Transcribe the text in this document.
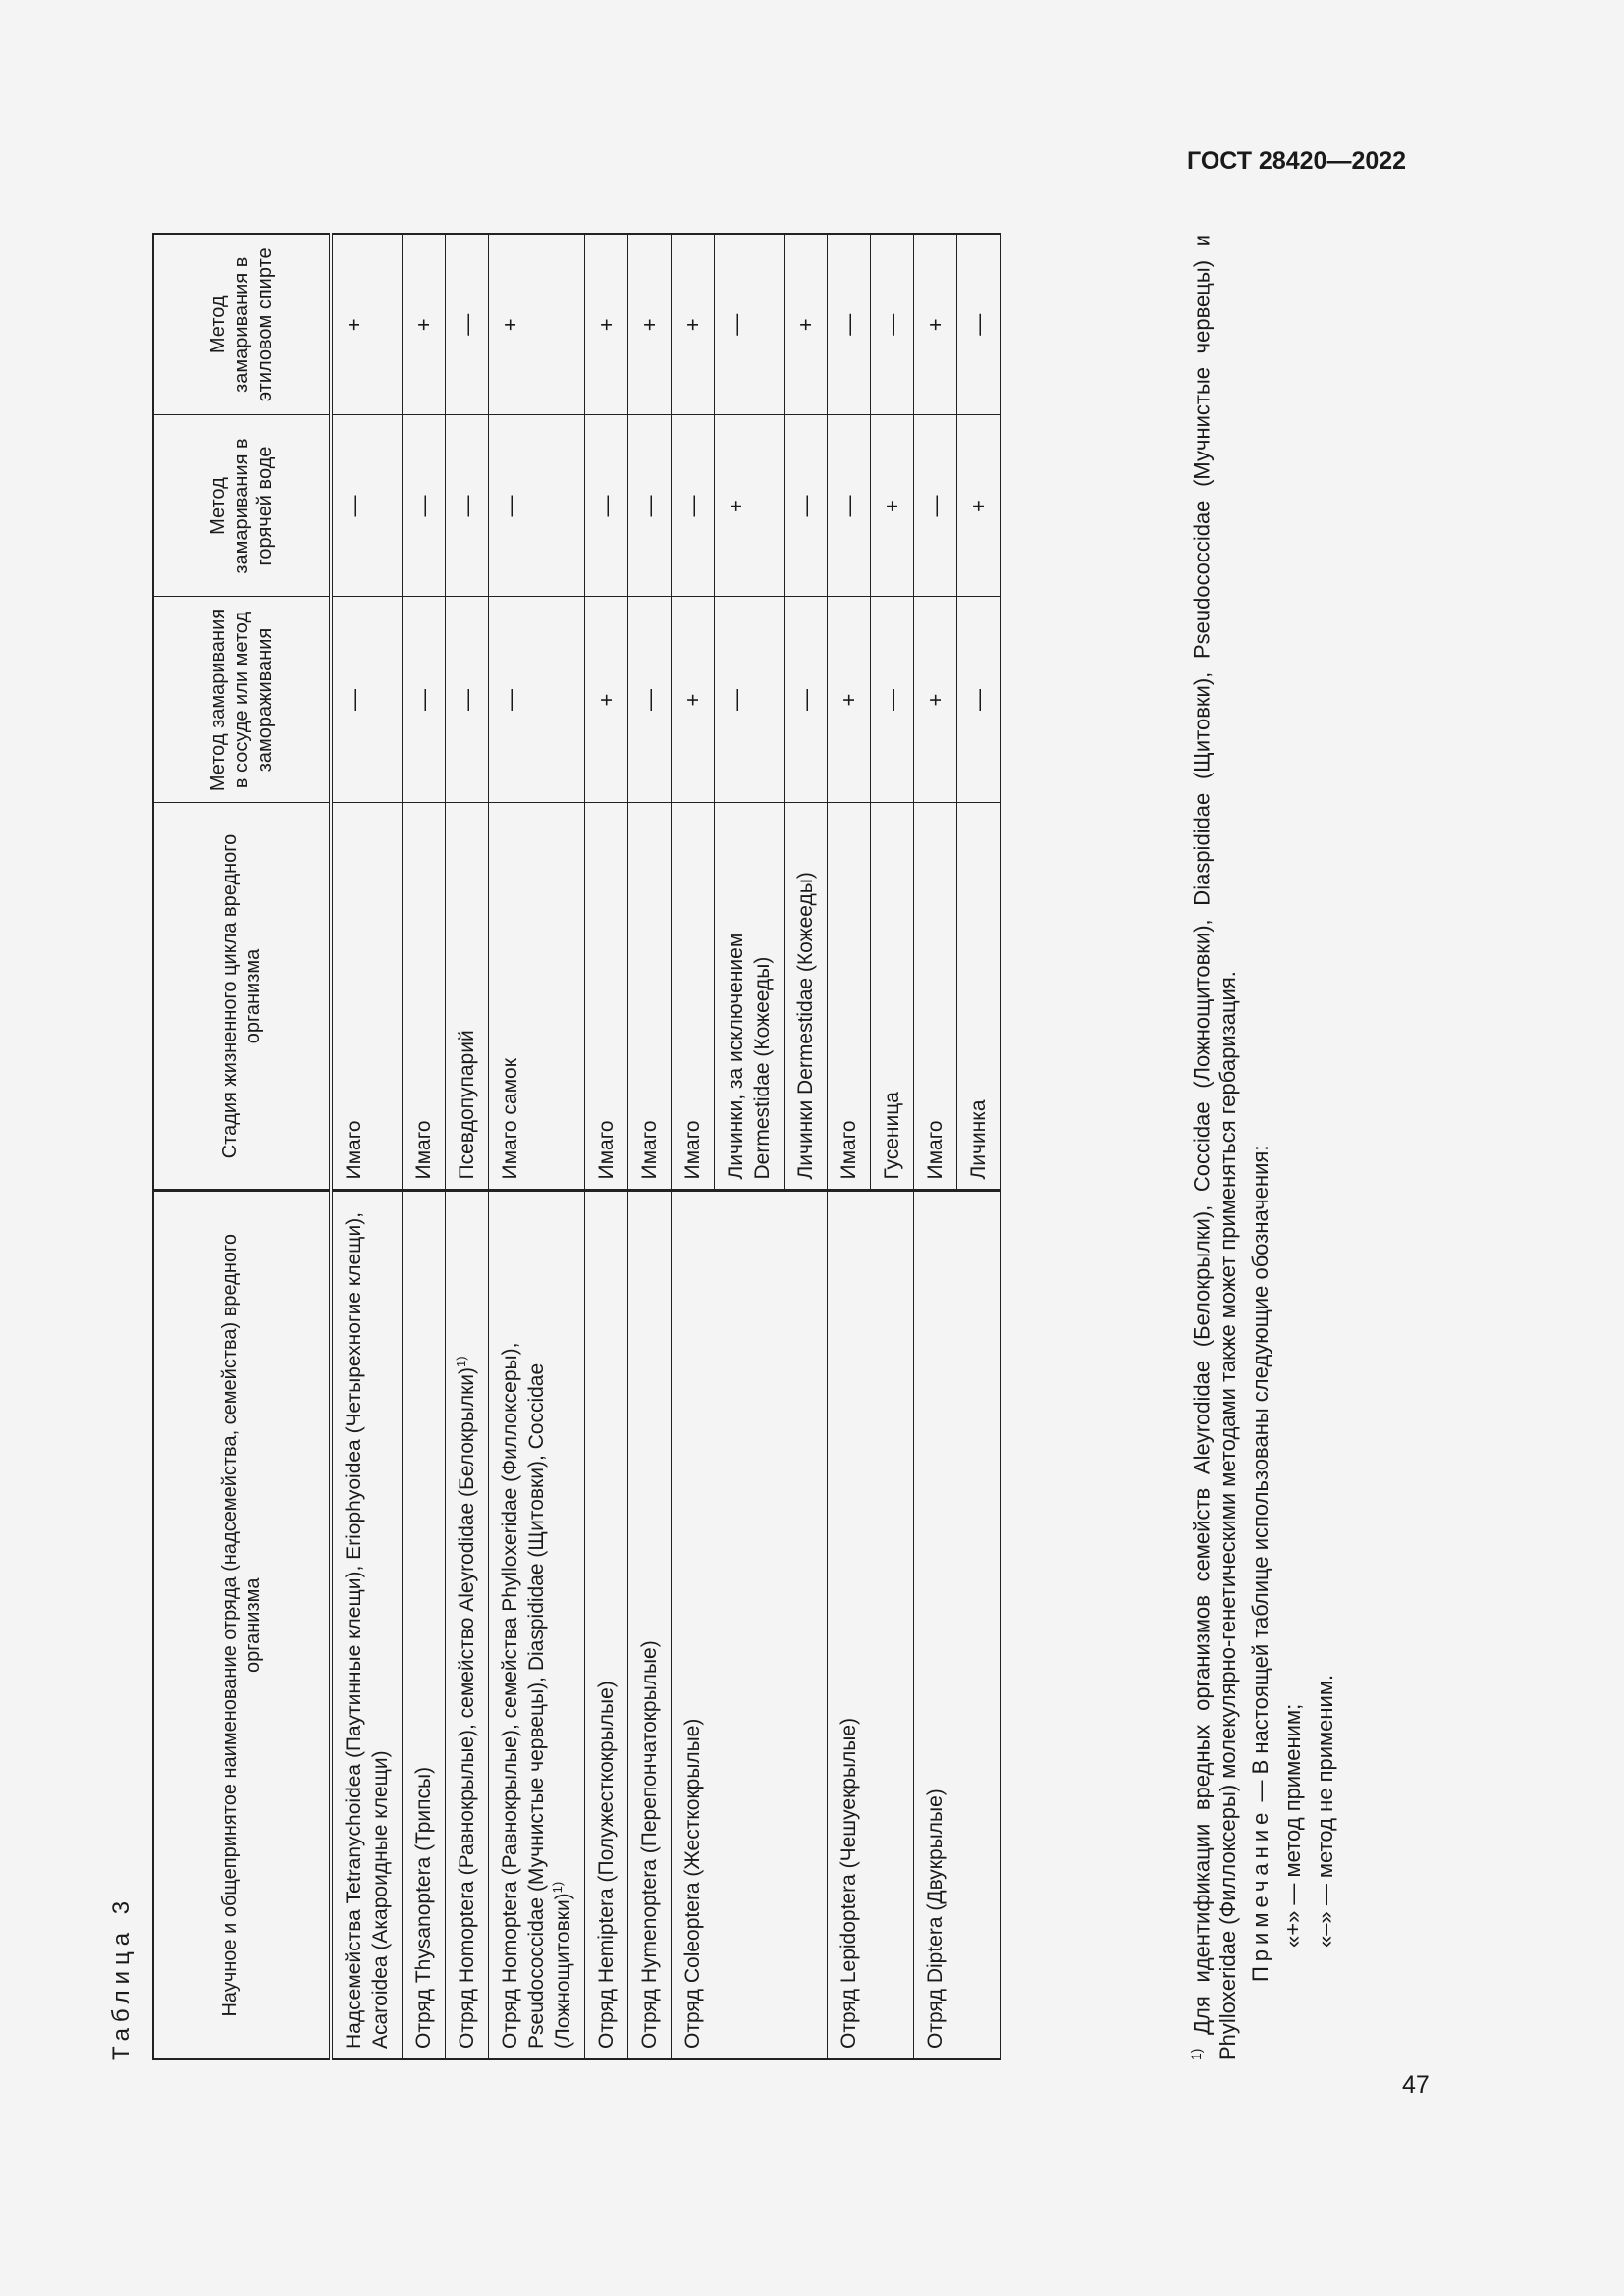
ГОСТ 28420—2022
Таблица 3	Научное и общепринятое наименование отряда (надсемейства, семейства) вредного организма	Стадия жизненного цикла вредного организма	Метод замаривания в сосуде или метод замораживания	Метод замаривания в горячей воде	Метод замаривания в этиловом спирте
Надсемейства Tetranychoidea (Паутинные клещи), Eriophyoidea (Четырехногие клещи), Acaroidea (Акароидные клещи)	Имаго	—	—	+
Отряд Thysanoptera (Трипсы)	Имаго	—	—	+
Отряд Homoptera (Равнокрылые), семейство Aleyrodidae (Белокрылки)$^{1)}$	Псевдопупарий	—	—	—
Отряд Homoptera (Равнокрылые), семейства Phylloxeridae (Филлоксеры), Pseudococcidae (Мучнистые червецы), Diaspididae (Щитовки), Coccidae (Ложнощитовки)$^{1)}$	Имаго самок	—	—	+
Отряд Hemiptera (Полужесткокрылые)	Имаго	+	—	+
Отряд Hymenoptera (Перепончатокрылые)	Имаго	—	—	+
Отряд Coleoptera (Жесткокрылые)	Имаго	+	—	+
	Личинки, за исключением Dermestidae (Кожееды)	—	+	—
	Личинки Dermestidae (Кожееды)	—	—	+
Отряд Lepidoptera (Чешуекрылые)	Имаго	+	—	—
	Гусеница	—	+	—
Отряд Diptera (Двукрылые)	Имаго	+	—	+
	Личинка	—	+	—

$^{1)}$ Для идентификации вредных организмов семейств Aleyrodidae (Белокрылки), Coccidae (Ложнощитовки), Diaspididae (Щитовки), Pseudococcidae (Мучнистые червецы) и Phylloxeridae (Филлоксеры) молекулярно-генетическими методами также может применяться гербаризация. Примечание — В настоящей таблице использованы следующие обозначения:

«+» — метод применим; «–» — метод не применим.

47
